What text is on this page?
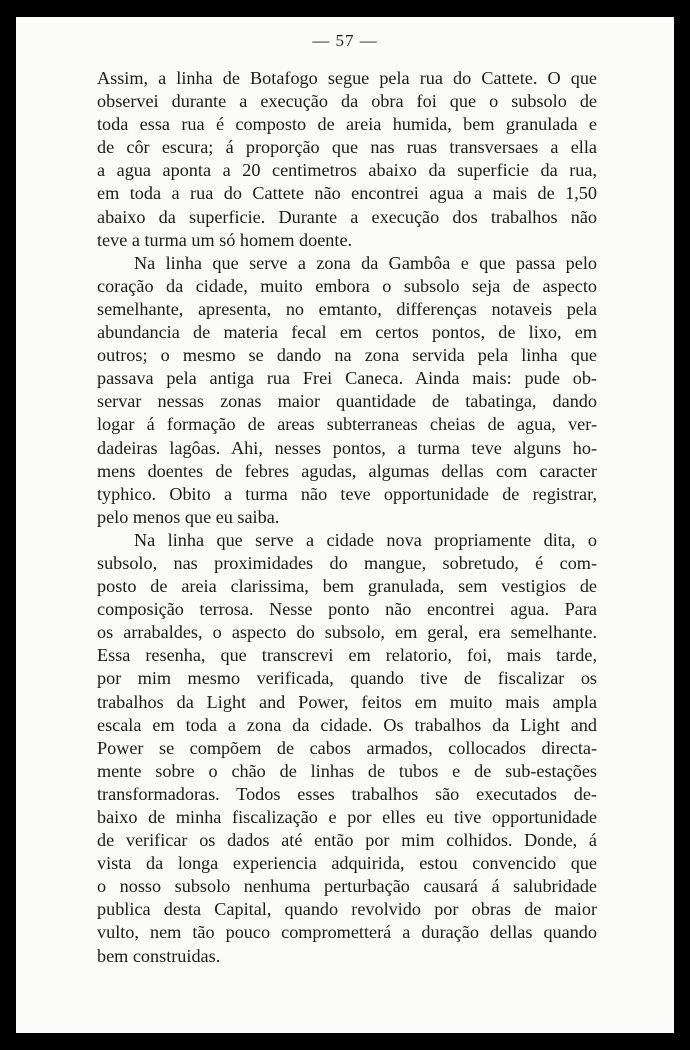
— 57 —
Assim, a linha de Botafogo segue pela rua do Cattete. O que
observei durante a execução da obra foi que o subsolo de
toda essa rua é composto de areia humida, bem granulada e
de côr escura; á proporção que nas ruas transversaes a ella
a agua aponta a 20 centimetros abaixo da superficie da rua,
em toda a rua do Cattete não encontrei agua a mais de 1,50
abaixo da superficie. Durante a execução dos trabalhos não
teve a turma um só homem doente.
Na linha que serve a zona da Gambôa e que passa pelo
coração da cidade, muito embora o subsolo seja de aspecto
semelhante, apresenta, no emtanto, differenças notaveis pela
abundancia de materia fecal em certos pontos, de lixo, em
outros; o mesmo se dando na zona servida pela linha que
passava pela antiga rua Frei Caneca. Ainda mais: pude ob-
servar nessas zonas maior quantidade de tabatinga, dando
logar á formação de areas subterraneas cheias de agua, ver-
dadeiras lagôas. Ahi, nesses pontos, a turma teve alguns ho-
mens doentes de febres agudas, algumas dellas com caracter
typhico. Obito a turma não teve opportunidade de registrar,
pelo menos que eu saiba.
Na linha que serve a cidade nova propriamente dita, o
subsolo, nas proximidades do mangue, sobretudo, é com-
posto de areia clarissima, bem granulada, sem vestigios de
composição terrosa. Nesse ponto não encontrei agua. Para
os arrabaldes, o aspecto do subsolo, em geral, era semelhante.
Essa resenha, que transcrevi em relatorio, foi, mais tarde,
por mim mesmo verificada, quando tive de fiscalizar os
trabalhos da Light and Power, feitos em muito mais ampla
escala em toda a zona da cidade. Os trabalhos da Light and
Power se compõem de cabos armados, collocados directa-
mente sobre o chão de linhas de tubos e de sub-estações
transformadoras. Todos esses trabalhos são executados de-
baixo de minha fiscalização e por elles eu tive opportunidade
de verificar os dados até então por mim colhidos. Donde, á
vista da longa experiencia adquirida, estou convencido que
o nosso subsolo nenhuma perturbação causará á salubridade
publica desta Capital, quando revolvido por obras de maior
vulto, nem tão pouco comprometterá a duração dellas quando
bem construidas.
